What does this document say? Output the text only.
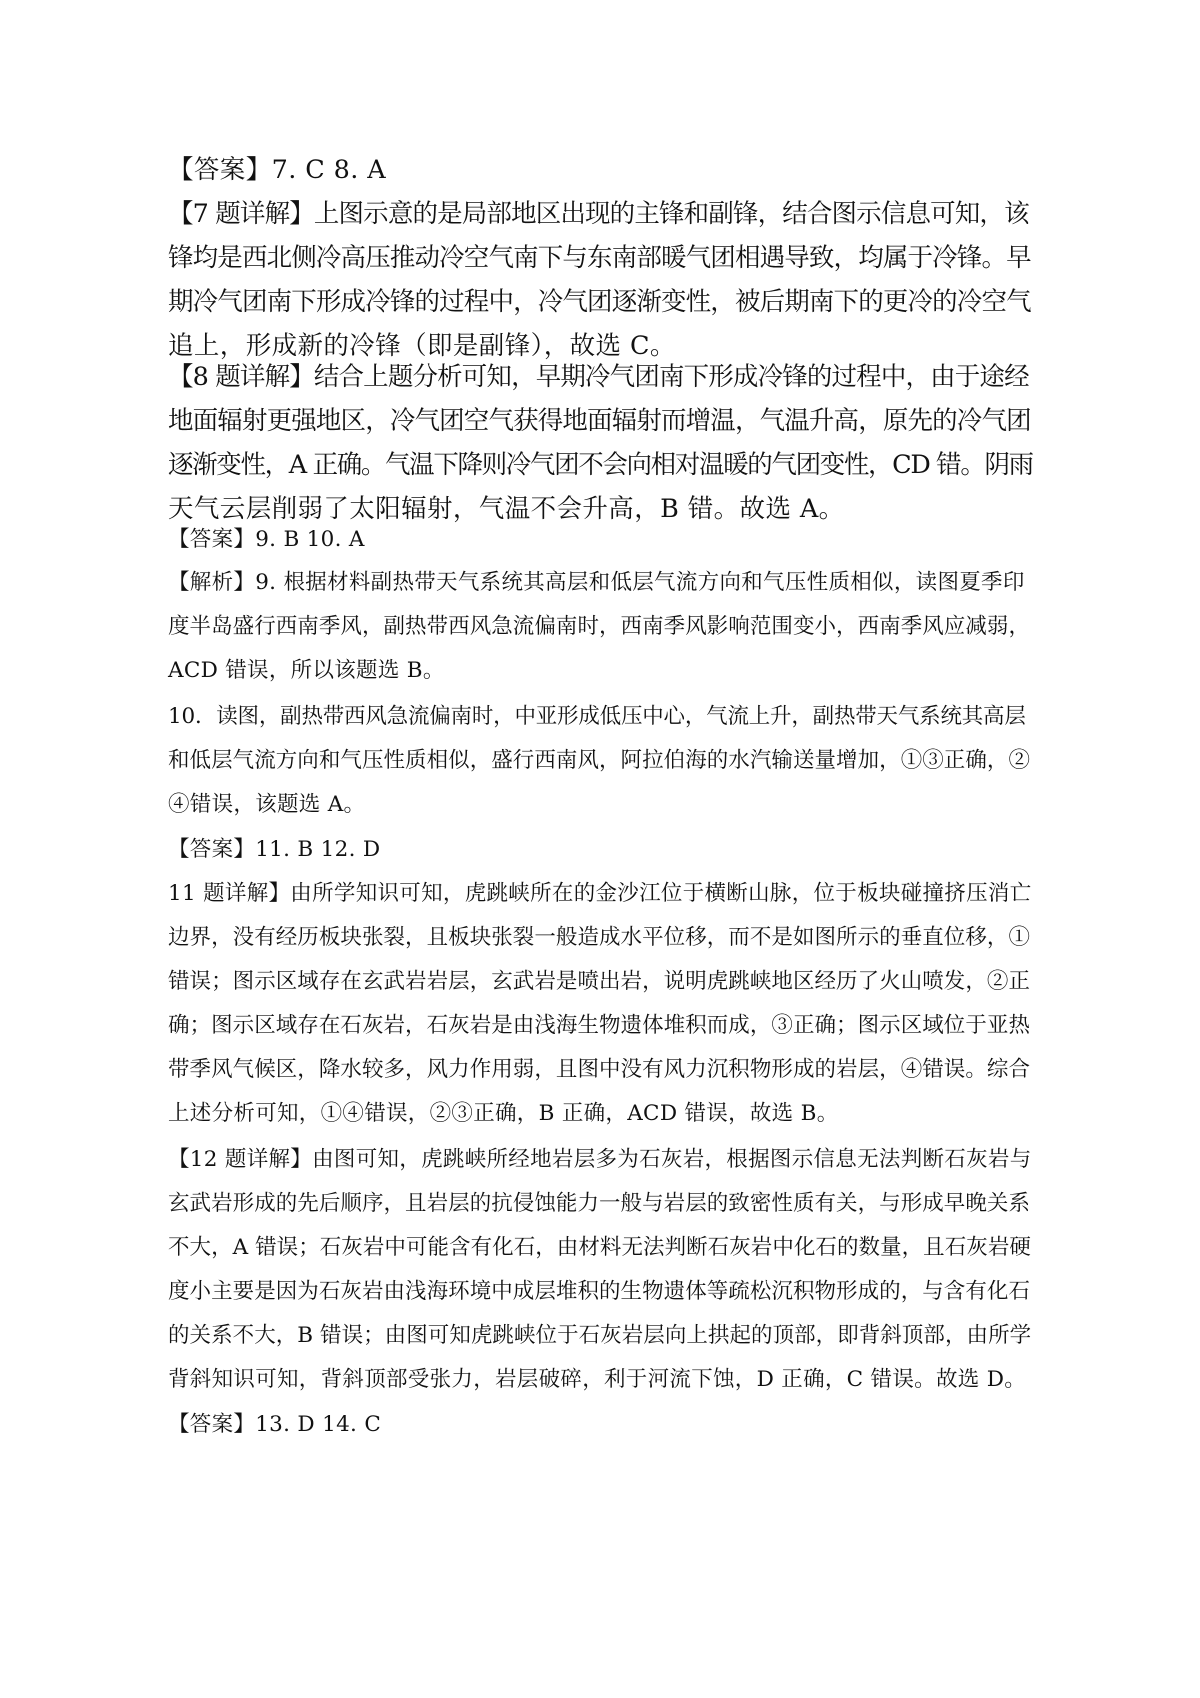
【答案】7. C 8. A
【7 题详解】上图示意的是局部地区出现的主锋和副锋，结合图示信息可知，该
锋均是西北侧冷高压推动冷空气南下与东南部暖气团相遇导致，均属于冷锋。早
期冷气团南下形成冷锋的过程中，冷气团逐渐变性，被后期南下的更冷的冷空气
追上，形成新的冷锋（即是副锋），故选 C。
【8 题详解】结合上题分析可知，早期冷气团南下形成冷锋的过程中，由于途经
地面辐射更强地区，冷气团空气获得地面辐射而增温，气温升高，原先的冷气团
逐渐变性，A 正确。气温下降则冷气团不会向相对温暖的气团变性，CD 错。阴雨
天气云层削弱了太阳辐射，气温不会升高，B 错。故选 A。
【答案】9. B 10. A
【解析】9. 根据材料副热带天气系统其高层和低层气流方向和气压性质相似，读图夏季印
度半岛盛行西南季风，副热带西风急流偏南时，西南季风影响范围变小，西南季风应减弱，
ACD 错误，所以该题选 B。
10．读图，副热带西风急流偏南时，中亚形成低压中心，气流上升，副热带天气系统其高层
和低层气流方向和气压性质相似，盛行西南风，阿拉伯海的水汽输送量增加，①③正确，②
④错误，该题选 A。
【答案】11. B 12. D
11 题详解】由所学知识可知，虎跳峡所在的金沙江位于横断山脉，位于板块碰撞挤压消亡
边界，没有经历板块张裂，且板块张裂一般造成水平位移，而不是如图所示的垂直位移，①
错误；图示区域存在玄武岩岩层，玄武岩是喷出岩，说明虎跳峡地区经历了火山喷发，②正
确；图示区域存在石灰岩，石灰岩是由浅海生物遗体堆积而成，③正确；图示区域位于亚热
带季风气候区，降水较多，风力作用弱，且图中没有风力沉积物形成的岩层，④错误。综合
上述分析可知，①④错误，②③正确，B 正确，ACD 错误，故选 B。
【12 题详解】由图可知，虎跳峡所经地岩层多为石灰岩，根据图示信息无法判断石灰岩与
玄武岩形成的先后顺序，且岩层的抗侵蚀能力一般与岩层的致密性质有关，与形成早晚关系
不大，A 错误；石灰岩中可能含有化石，由材料无法判断石灰岩中化石的数量，且石灰岩硬
度小主要是因为石灰岩由浅海环境中成层堆积的生物遗体等疏松沉积物形成的，与含有化石
的关系不大，B 错误；由图可知虎跳峡位于石灰岩层向上拱起的顶部，即背斜顶部，由所学
背斜知识可知，背斜顶部受张力，岩层破碎，利于河流下蚀，D 正确，C 错误。故选 D。
【答案】13. D 14. C
